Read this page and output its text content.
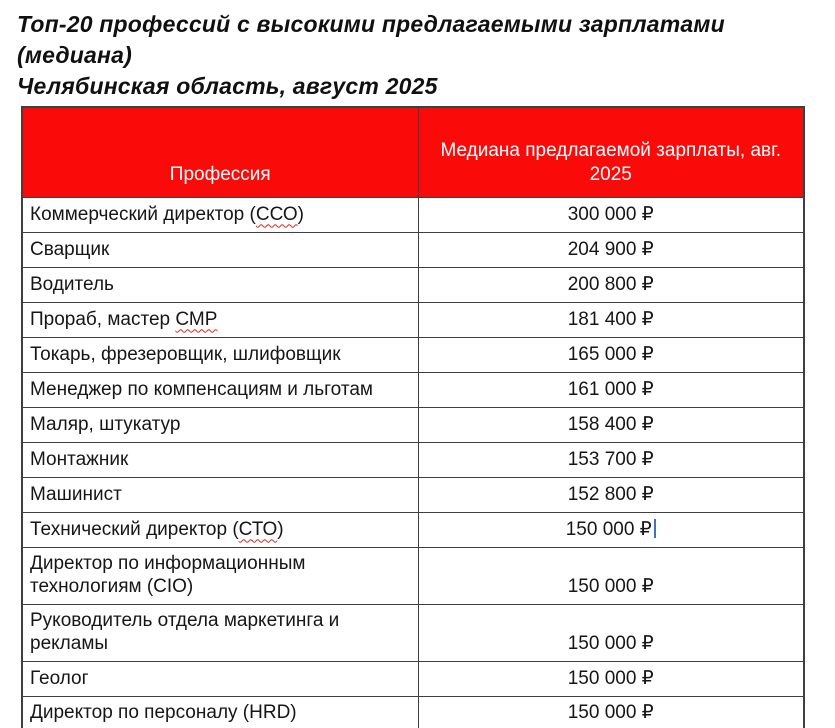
Топ-20 профессий с высокими предлагаемыми зарплатами (медиана)
Челябинская область, август 2025
Профессия	Медиана предлагаемой зарплаты, авг. 2025
Коммерческий директор (ССО)	300 000 ₽
Сварщик	204 900 ₽
Водитель	200 800 ₽
Прораб, мастер СМР	181 400 ₽
Токарь, фрезеровщик, шлифовщик	165 000 ₽
Менеджер по компенсациям и льготам	161 000 ₽
Маляр, штукатур	158 400 ₽
Монтажник	153 700 ₽
Машинист	152 800 ₽
Технический директор (СТО)	150 000 ₽
Директор по информационным технологиям (CIO)	150 000 ₽
Руководитель отдела маркетинга и рекламы	150 000 ₽
Геолог	150 000 ₽
Директор по персоналу (HRD)	150 000 ₽
